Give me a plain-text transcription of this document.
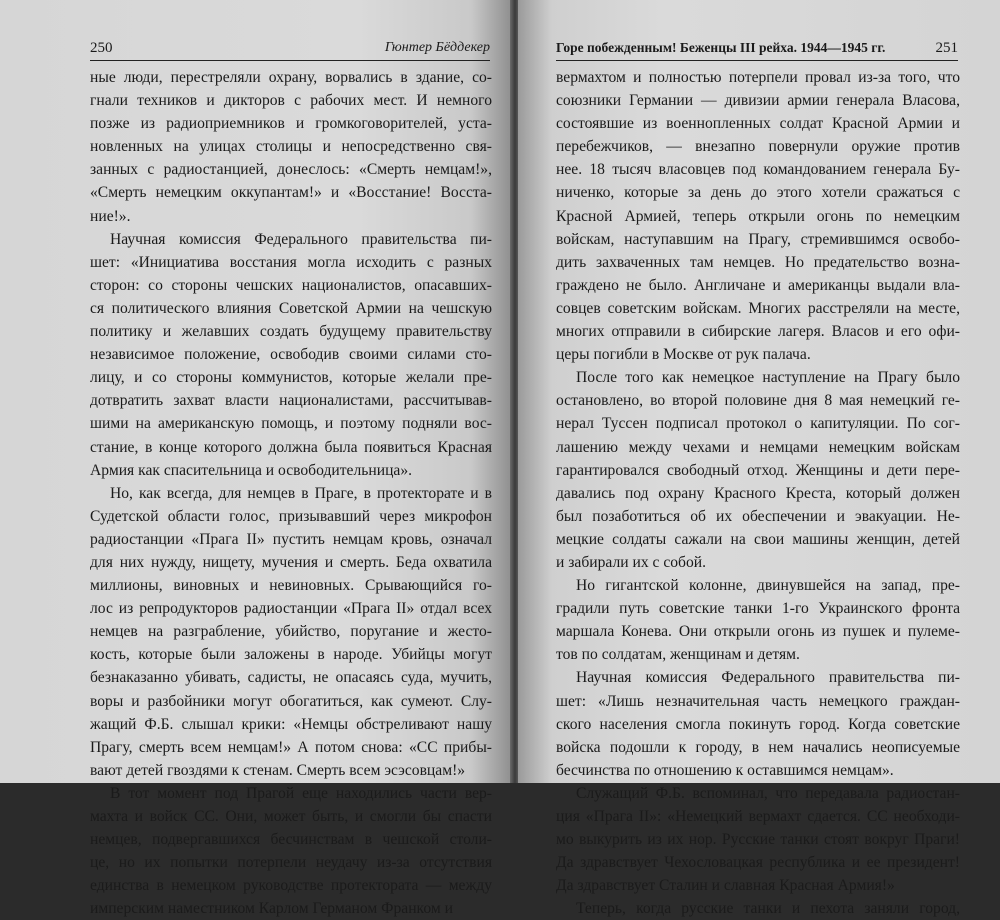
250	Гюнтер Бёддекер
ные люди, перестреляли охрану, ворвались в здание, со-
гнали техников и дикторов с рабочих мест. И немного
позже из радиоприемников и громкоговорителей, уста-
новленных на улицах столицы и непосредственно свя-
занных с радиостанцией, донеслось: «Смерть немцам!»,
«Смерть немецким оккупантам!» и «Восстание! Восста-
ние!».
Научная комиссия Федерального правительства пи-
шет: «Инициатива восстания могла исходить с разных
сторон: со стороны чешских националистов, опасавших-
ся политического влияния Советской Армии на чешскую
политику и желавших создать будущему правительству
независимое положение, освободив своими силами сто-
лицу, и со стороны коммунистов, которые желали пре-
дотвратить захват власти националистами, рассчитывав-
шими на американскую помощь, и поэтому подняли вос-
стание, в конце которого должна была появиться Красная
Армия как спасительница и освободительница».
Но, как всегда, для немцев в Праге, в протекторате и в
Судетской области голос, призывавший через микрофон
радиостанции «Прага II» пустить немцам кровь, означал
для них нужду, нищету, мучения и смерть. Беда охватила
миллионы, виновных и невиновных. Срывающийся го-
лос из репродукторов радиостанции «Прага II» отдал всех
немцев на разграбление, убийство, поругание и жесто-
кость, которые были заложены в народе. Убийцы могут
безнаказанно убивать, садисты, не опасаясь суда, мучить,
воры и разбойники могут обогатиться, как сумеют. Слу-
жащий Ф.Б. слышал крики: «Немцы обстреливают нашу
Прагу, смерть всем немцам!» А потом снова: «СС прибы-
вают детей гвоздями к стенам. Смерть всем эсэсовцам!»
В тот момент под Прагой еще находились части вер-
махта и войск СС. Они, может быть, и смогли бы спасти
немцев, подвергавшихся бесчинствам в чешской столи-
це, но их попытки потерпели неудачу из-за отсутствия
единства в немецком руководстве протектората — между
имперским наместником Карлом Германом Франком и
Горе побежденным! Беженцы III рейха. 1944—1945 гг.	251
вермахтом и полностью потерпели провал из-за того, что
союзники Германии — дивизии армии генерала Власова,
состоявшие из военнопленных солдат Красной Армии и
перебежчиков, — внезапно повернули оружие против
нее. 18 тысяч власовцев под командованием генерала Бу-
ниченко, которые за день до этого хотели сражаться с
Красной Армией, теперь открыли огонь по немецким
войскам, наступавшим на Прагу, стремившимся освобо-
дить захваченных там немцев. Но предательство возна-
граждено не было. Англичане и американцы выдали вла-
совцев советским войскам. Многих расстреляли на месте,
многих отправили в сибирские лагеря. Власов и его офи-
церы погибли в Москве от рук палача.
После того как немецкое наступление на Прагу было
остановлено, во второй половине дня 8 мая немецкий ге-
нерал Туссен подписал протокол о капитуляции. По сог-
лашению между чехами и немцами немецким войскам
гарантировался свободный отход. Женщины и дети пере-
давались под охрану Красного Креста, который должен
был позаботиться об их обеспечении и эвакуации. Не-
мецкие солдаты сажали на свои машины женщин, детей
и забирали их с собой.
Но гигантской колонне, двинувшейся на запад, пре-
градили путь советские танки 1-го Украинского фронта
маршала Конева. Они открыли огонь из пушек и пулеме-
тов по солдатам, женщинам и детям.
Научная комиссия Федерального правительства пи-
шет: «Лишь незначительная часть немецкого граждан-
ского населения смогла покинуть город. Когда советские
войска подошли к городу, в нем начались неописуемые
бесчинства по отношению к оставшимся немцам».
Служащий Ф.Б. вспоминал, что передавала радиостан-
ция «Прага II»: «Немецкий вермахт сдается. СС необходи-
мо выкурить из их нор. Русские танки стоят вокруг Праги!
Да здравствует Чехословацкая республика и ее президент!
Да здравствует Сталин и славная Красная Армия!»
Теперь, когда русские танки и пехота заняли город,
